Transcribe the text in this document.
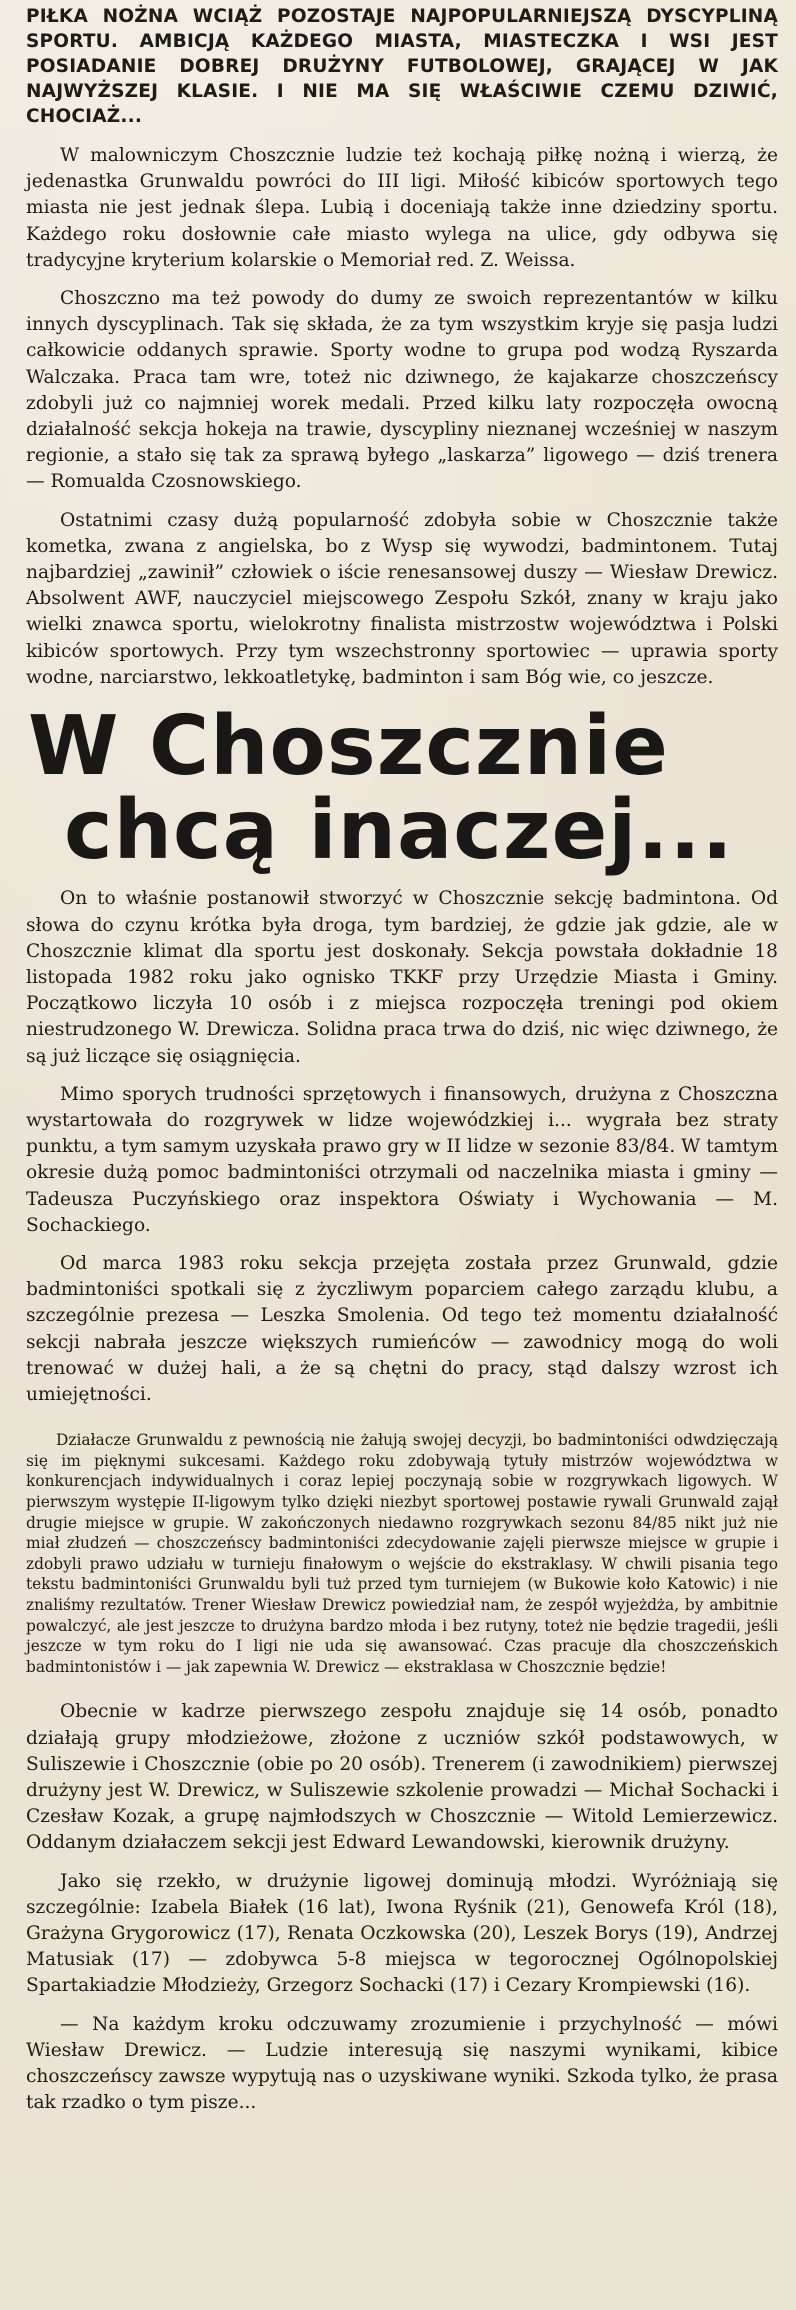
PIŁKA NOŻNA WCIĄŻ POZOSTAJE NAJPOPULARNIEJSZĄ DYSCYPLINĄ SPORTU. AMBICJĄ KAŻDEGO MIASTA, MIASTECZKA I WSI JEST POSIADANIE DOBREJ DRUŻYNY FUTBOLOWEJ, GRAJĄCEJ W JAK NAJWYŻSZEJ KLASIE. I NIE MA SIĘ WŁAŚCIWIE CZEMU DZIWIĆ, CHOCIAŻ...

W malowniczym Choszcznie ludzie też kochają piłkę nożną i wierzą, że jedenastka Grunwaldu powróci do III ligi. Miłość kibiców sportowych tego miasta nie jest jednak ślepa. Lubią i doceniają także inne dziedziny sportu. Każdego roku dosłownie całe miasto wylega na ulice, gdy odbywa się tradycyjne kryterium kolarskie o Memoriał red. Z. Weissa.

Choszczno ma też powody do dumy ze swoich reprezentantów w kilku innych dyscyplinach. Tak się składa, że za tym wszystkim kryje się pasja ludzi całkowicie oddanych sprawie. Sporty wodne to grupa pod wodzą Ryszarda Walczaka. Praca tam wre, toteż nic dziwnego, że kajakarze choszczeńscy zdobyli już co najmniej worek medali. Przed kilku laty rozpoczęła owocną działalność sekcja hokeja na trawie, dyscypliny nieznanej wcześniej w naszym regionie, a stało się tak za sprawą byłego „laskarza” ligowego — dziś trenera — Romualda Czosnowskiego.

Ostatnimi czasy dużą popularność zdobyła sobie w Choszcznie także kometka, zwana z angielska, bo z Wysp się wywodzi, badmintonem. Tutaj najbardziej „zawinił” człowiek o iście renesansowej duszy — Wiesław Drewicz. Absolwent AWF, nauczyciel miejscowego Zespołu Szkół, znany w kraju jako wielki znawca sportu, wielokrotny finalista mistrzostw województwa i Polski kibiców sportowych. Przy tym wszechstronny sportowiec — uprawia sporty wodne, narciarstwo, lekkoatletykę, badminton i sam Bóg wie, co jeszcze.

W Choszcznie
chcą inaczej...

On to właśnie postanowił stworzyć w Choszcznie sekcję badmintona. Od słowa do czynu krótka była droga, tym bardziej, że gdzie jak gdzie, ale w Choszcznie klimat dla sportu jest doskonały. Sekcja powstała dokładnie 18 listopada 1982 roku jako ognisko TKKF przy Urzędzie Miasta i Gminy. Początkowo liczyła 10 osób i z miejsca rozpoczęła treningi pod okiem niestrudzonego W. Drewicza. Solidna praca trwa do dziś, nic więc dziwnego, że są już liczące się osiągnięcia.

Mimo sporych trudności sprzętowych i finansowych, drużyna z Choszczna wystartowała do rozgrywek w lidze wojewódzkiej i... wygrała bez straty punktu, a tym samym uzyskała prawo gry w II lidze w sezonie 83/84. W tamtym okresie dużą pomoc badmintoniści otrzymali od naczelnika miasta i gminy — Tadeusza Puczyńskiego oraz inspektora Oświaty i Wychowania — M. Sochackiego.

Od marca 1983 roku sekcja przejęta została przez Grunwald, gdzie badmintoniści spotkali się z życzliwym poparciem całego zarządu klubu, a szczególnie prezesa — Leszka Smolenia. Od tego też momentu działalność sekcji nabrała jeszcze większych rumieńców — zawodnicy mogą do woli trenować w dużej hali, a że są chętni do pracy, stąd dalszy wzrost ich umiejętności.

Działacze Grunwaldu z pewnością nie żałują swojej decyzji, bo badmintoniści odwdzięczają się im pięknymi sukcesami. Każdego roku zdobywają tytuły mistrzów województwa w konkurencjach indywidualnych i coraz lepiej poczynają sobie w rozgrywkach ligowych. W pierwszym występie II-ligowym tylko dzięki niezbyt sportowej postawie rywali Grunwald zajął drugie miejsce w grupie. W zakończonych niedawno rozgrywkach sezonu 84/85 nikt już nie miał złudzeń — choszczeńscy badmintoniści zdecydowanie zajęli pierwsze miejsce w grupie i zdobyli prawo udziału w turnieju finałowym o wejście do ekstraklasy. W chwili pisania tego tekstu badmintoniści Grunwaldu byli tuż przed tym turniejem (w Bukowie koło Katowic) i nie znaliśmy rezultatów. Trener Wiesław Drewicz powiedział nam, że zespół wyjeżdża, by ambitnie powalczyć, ale jest jeszcze to drużyna bardzo młoda i bez rutyny, toteż nie będzie tragedii, jeśli jeszcze w tym roku do I ligi nie uda się awansować. Czas pracuje dla choszczeńskich badmintonistów i — jak zapewnia W. Drewicz — ekstraklasa w Choszcznie będzie!

Obecnie w kadrze pierwszego zespołu znajduje się 14 osób, ponadto działają grupy młodzieżowe, złożone z uczniów szkół podstawowych, w Suliszewie i Choszcznie (obie po 20 osób). Trenerem (i zawodnikiem) pierwszej drużyny jest W. Drewicz, w Suliszewie szkolenie prowadzi — Michał Sochacki i Czesław Kozak, a grupę najmłodszych w Choszcznie — Witold Lemierzewicz. Oddanym działaczem sekcji jest Edward Lewandowski, kierownik drużyny.

Jako się rzekło, w drużynie ligowej dominują młodzi. Wyróżniają się szczególnie: Izabela Białek (16 lat), Iwona Ryśnik (21), Genowefa Król (18), Grażyna Grygorowicz (17), Renata Oczkowska (20), Leszek Borys (19), Andrzej Matusiak (17) — zdobywca 5-8 miejsca w tegorocznej Ogólnopolskiej Spartakiadzie Młodzieży, Grzegorz Sochacki (17) i Cezary Krompiewski (16).

— Na każdym kroku odczuwamy zrozumienie i przychylność — mówi Wiesław Drewicz. — Ludzie interesują się naszymi wynikami, kibice choszczeńscy zawsze wypytują nas o uzyskiwane wyniki. Szkoda tylko, że prasa tak rzadko o tym pisze...
